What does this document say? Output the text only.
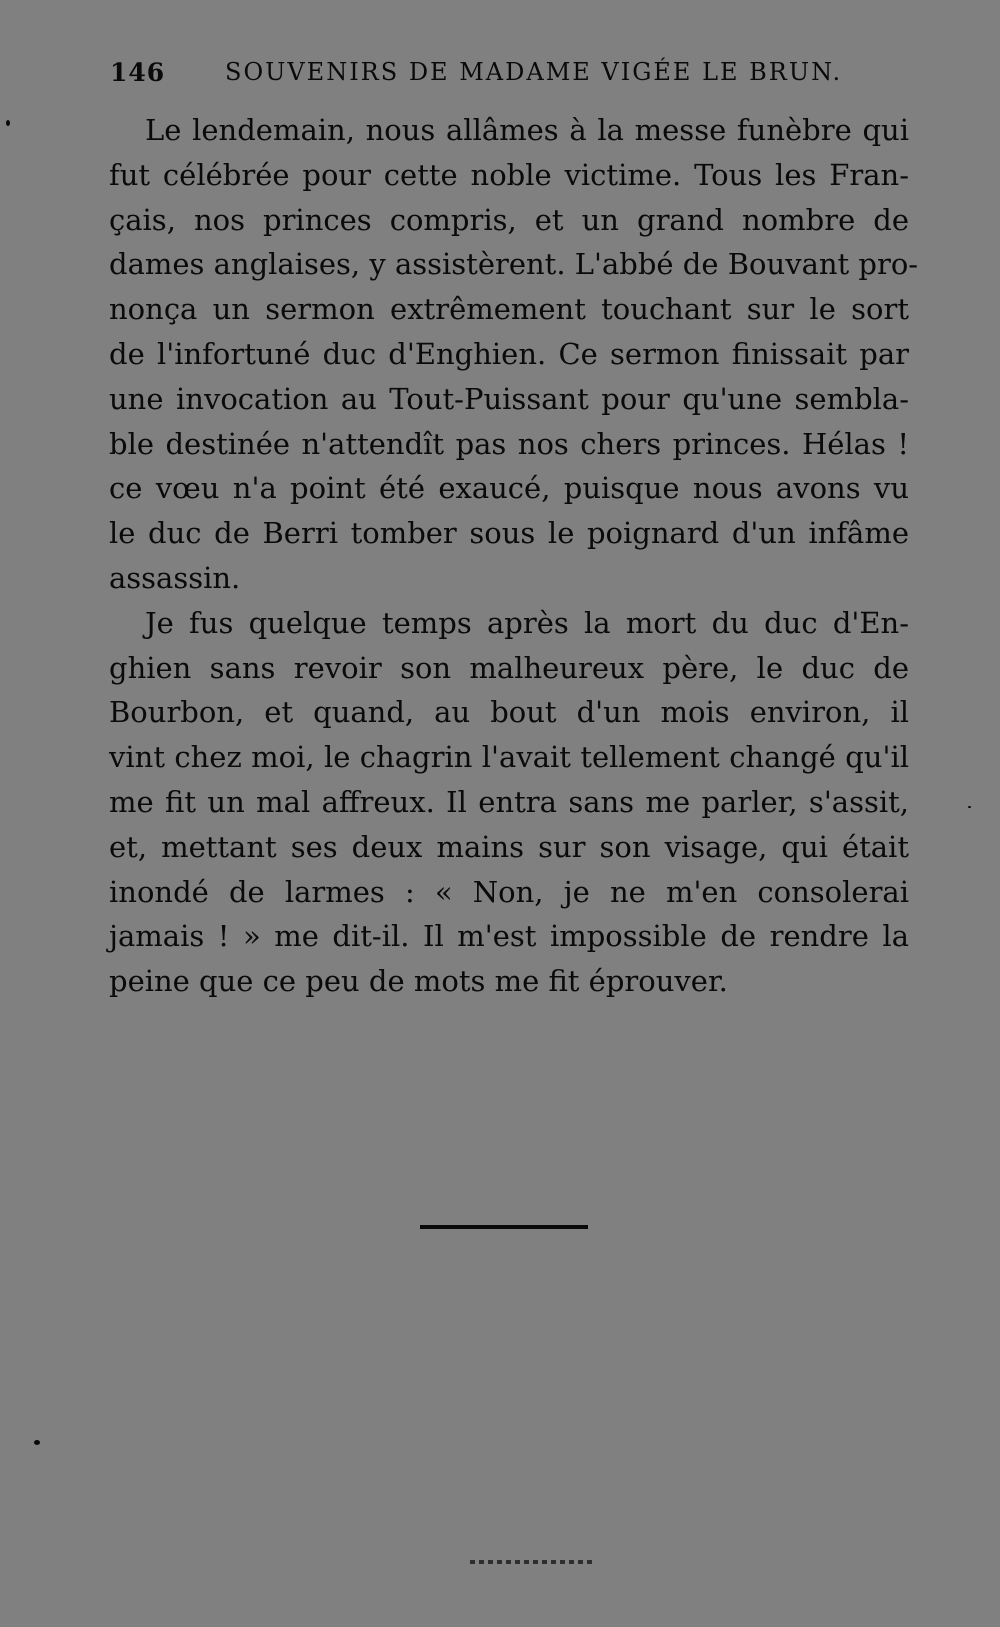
146 SOUVENIRS DE MADAME VIGÉE LE BRUN.

Le lendemain, nous allâmes à la messe funèbre qui
fut célébrée pour cette noble victime. Tous les Fran-
çais, nos princes compris, et un grand nombre de
dames anglaises, y assistèrent. L'abbé de Bouvant pro-
nonça un sermon extrêmement touchant sur le sort
de l'infortuné duc d'Enghien. Ce sermon finissait par
une invocation au Tout-Puissant pour qu'une sembla-
ble destinée n'attendît pas nos chers princes. Hélas !
ce vœu n'a point été exaucé, puisque nous avons vu
le duc de Berri tomber sous le poignard d'un infâme
assassin.

Je fus quelque temps après la mort du duc d'En-
ghien sans revoir son malheureux père, le duc de
Bourbon, et quand, au bout d'un mois environ, il
vint chez moi, le chagrin l'avait tellement changé qu'il
me fit un mal affreux. Il entra sans me parler, s'assit,
et, mettant ses deux mains sur son visage, qui était
inondé de larmes : « Non, je ne m'en consolerai
jamais ! » me dit-il. Il m'est impossible de rendre la
peine que ce peu de mots me fit éprouver.
